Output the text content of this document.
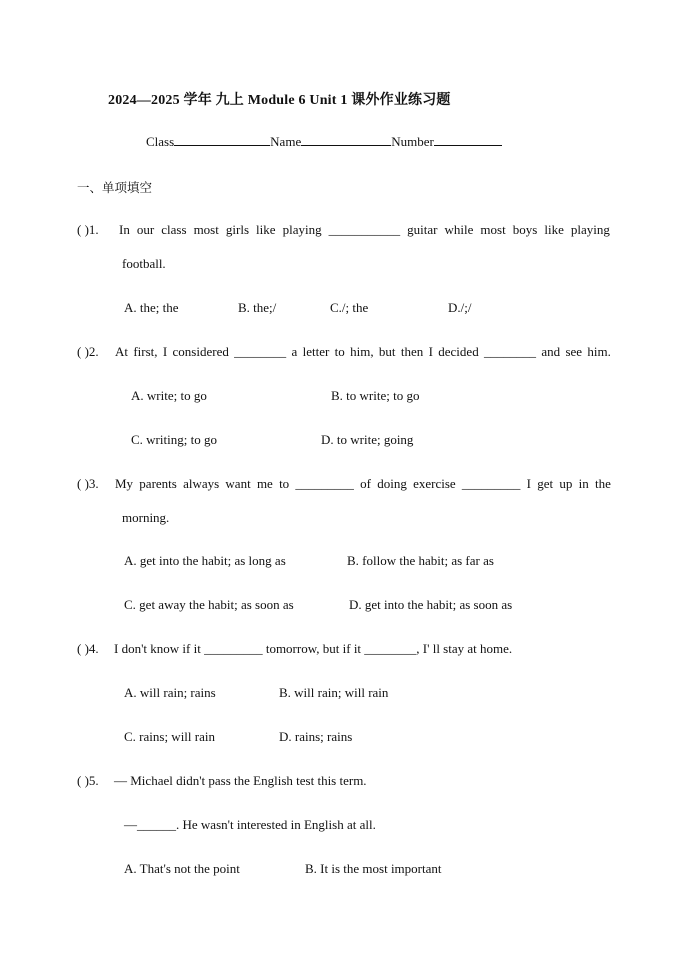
2024—2025 学年 九上 Module 6 Unit 1 课外作业练习题
Class	Name	Number
一、单项填空
( )1. In our class most girls like playing ___________ guitar while most boys like playing
football.
A. the; the	B. the;/	C./; the	D./;/
( )2. At first, I considered ________ a letter to him, but then I decided ________ and see him.
A. write; to go	B. to write; to go
C. writing; to go	D. to write; going
( )3. My parents always want me to _________ of doing exercise _________ I get up in the
morning.
A. get into the habit; as long as	B. follow the habit; as far as
C. get away the habit; as soon as	D. get into the habit; as soon as
( )4. I don't know if it _________ tomorrow, but if it ________, I' ll stay at home.
A. will rain; rains	B. will rain; will rain
C. rains; will rain	D. rains; rains
( )5. — Michael didn't pass the English test this term.
—______. He wasn't interested in English at all.
A. That's not the point	B. It is the most important
